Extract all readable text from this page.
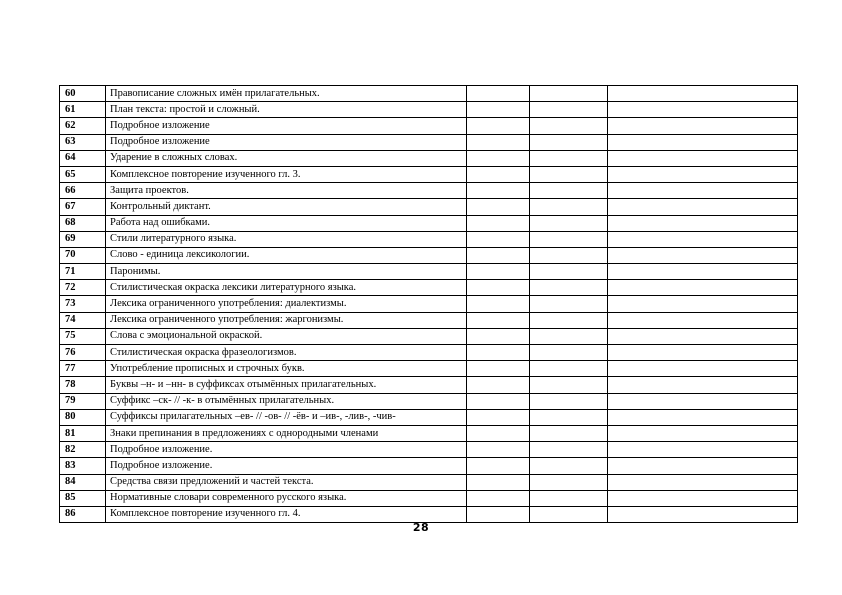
60	Правописание сложных имён прилагательных.			
61	План текста: простой и сложный.			
62	Подробное изложение			
63	Подробное изложение			
64	Ударение в сложных словах.			
65	Комплексное повторение изученного гл. 3.			
66	Защита проектов.			
67	Контрольный диктант.			
68	Работа над ошибками.			
69	Стили литературного языка.			
70	Слово - единица лексикологии.			
71	Паронимы.			
72	Стилистическая окраска лексики литературного языка.			
73	Лексика ограниченного употребления: диалектизмы.			
74	Лексика ограниченного употребления: жаргонизмы.			
75	Слова с эмоциональной окраской.			
76	Стилистическая окраска фразеологизмов.			
77	Употребление прописных и строчных букв.			
78	Буквы –н- и –нн- в суффиксах отымённых прилагательных.			
79	Суффикс –ск- // -к- в отымённых прилагательных.			
80	Суффиксы прилагательных –ев- // -ов- // -ёв- и –ив-, -лив-, -чив-			
81	Знаки препинания в предложениях с однородными членами			
82	Подробное изложение.			
83	Подробное изложение.			
84	Средства связи предложений и частей текста.			
85	Нормативные словари современного русского языка.			
86	Комплексное повторение изученного гл. 4.			
28
